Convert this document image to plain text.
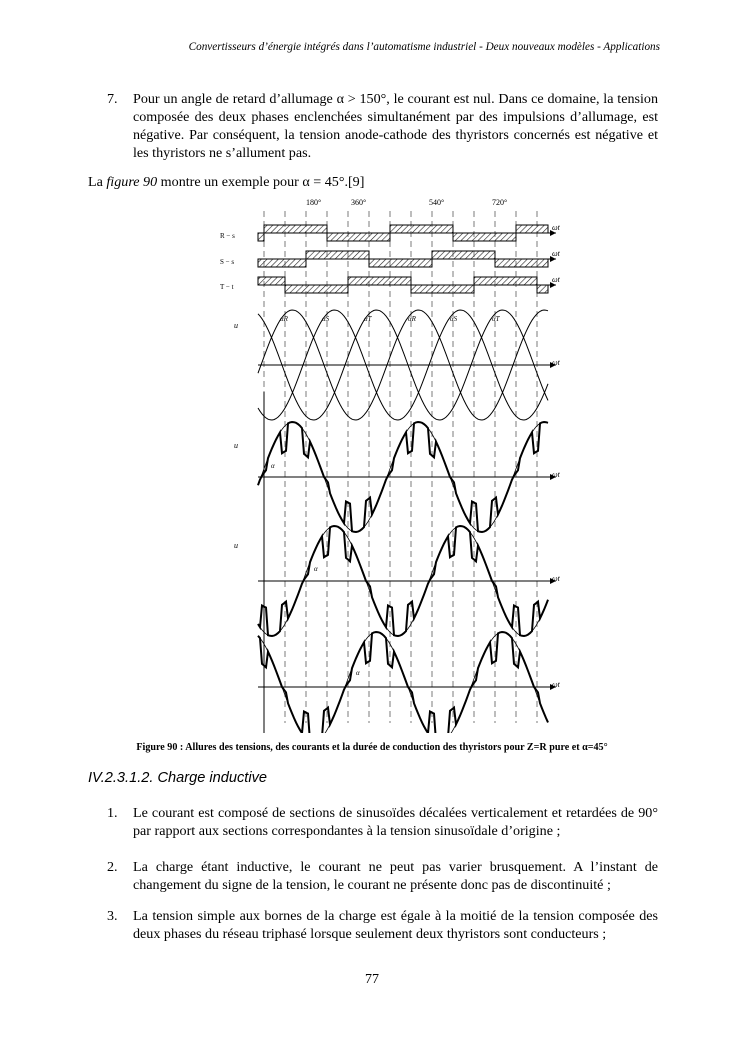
Convertisseurs d’énergie intégrés dans l’automatisme industriel - Deux nouveaux modèles - Applications
7. Pour un angle de retard d’allumage α > 150°, le courant est nul. Dans ce domaine, la tension composée des deux phases enclenchées simultanément par des impulsions d’allumage, est négative. Par conséquent, la tension anode-cathode des thyristors concernés est négative et les thyristors ne s’allument pas.
La figure 90 montre un exemple pour α = 45°.[9]
180°	360°	540°	720°
R − s
S − s
T − t
u
u
u
ωt
ωt
ωt
ωt
ωt
ωt
ωt
αR	αS	αT	αR	αS	αT
α
α
α
Figure 90 : Allures des tensions, des courants et la durée de conduction des thyristors pour Z=R pure et α=45°
IV.2.3.1.2. Charge inductive
1. Le courant est composé de sections de sinusoïdes décalées verticalement et retardées de 90° par rapport aux sections correspondantes à la tension sinusoïdale d’origine ;
2. La charge étant inductive, le courant ne peut pas varier brusquement. A l’instant de changement du signe de la tension, le courant ne présente donc pas de discontinuité ;
3. La tension simple aux bornes de la charge est égale à la moitié de la tension composée des deux phases du réseau triphasé lorsque seulement deux thyristors sont conducteurs ;
77
